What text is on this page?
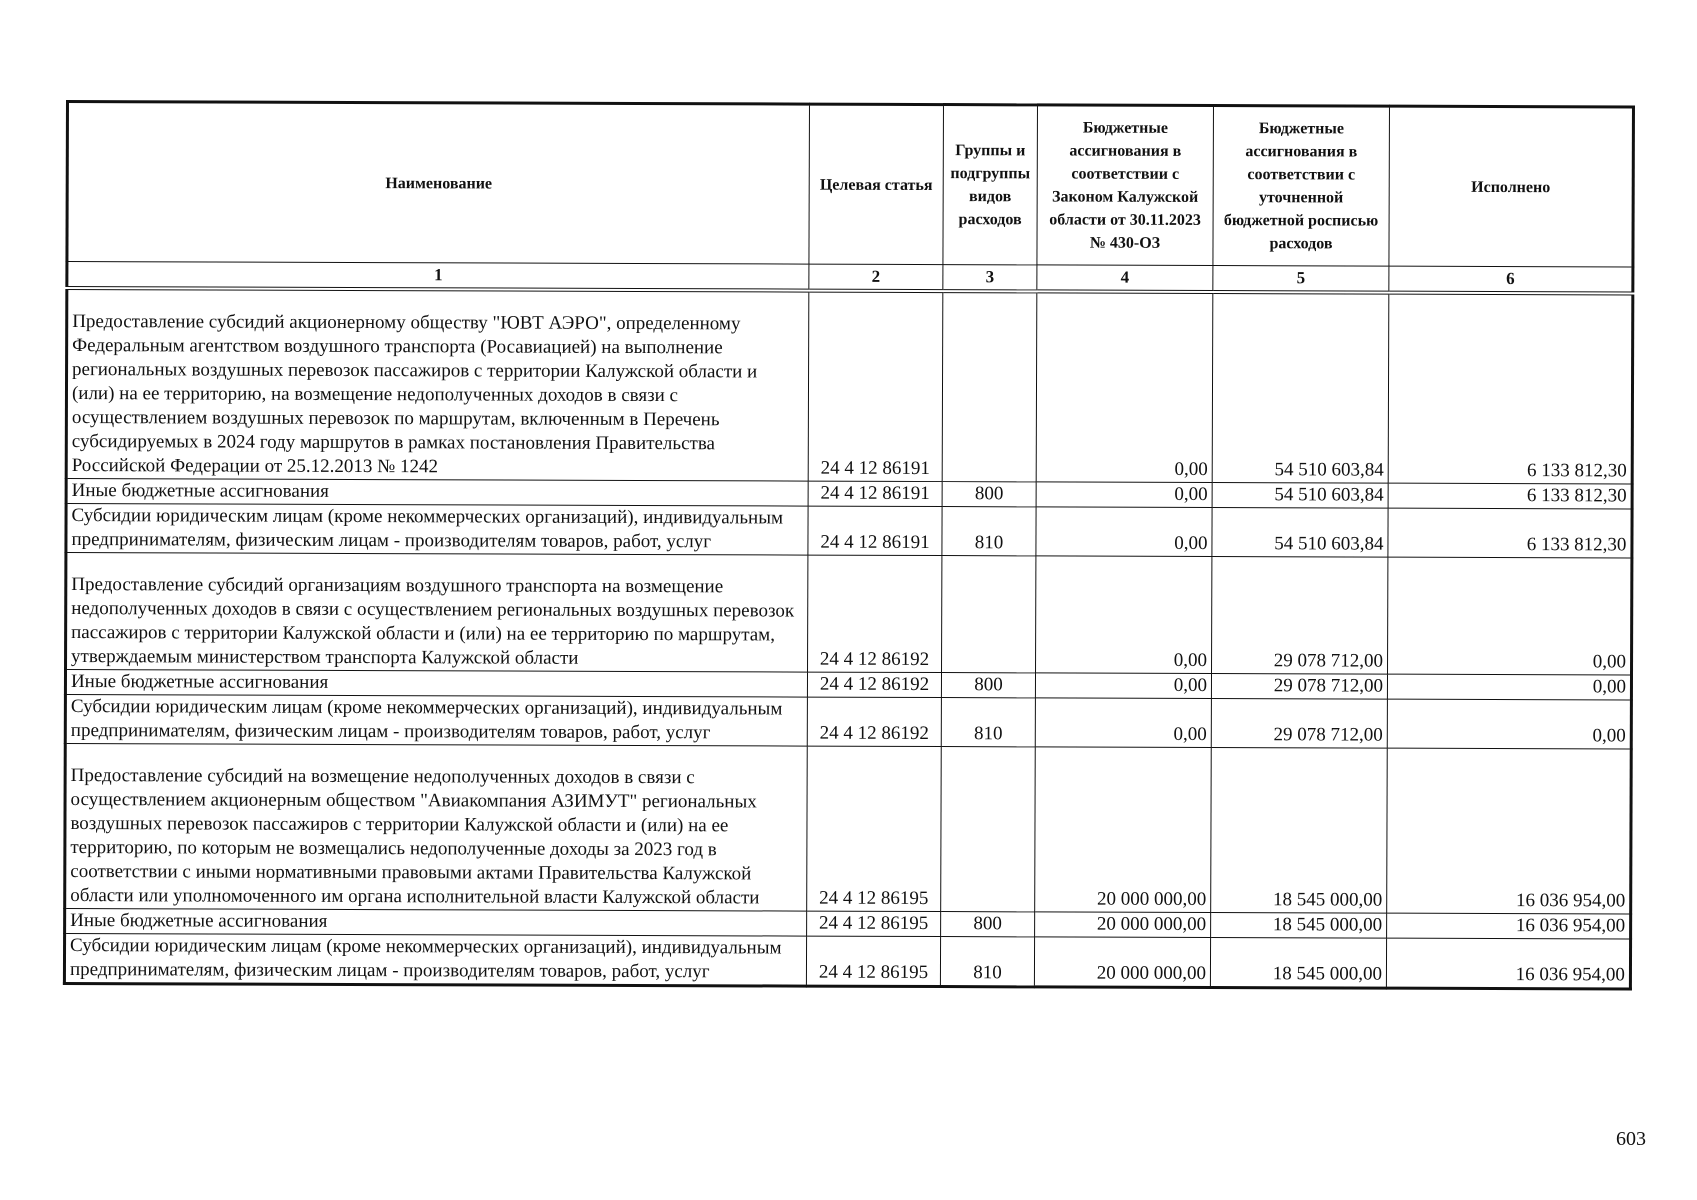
Наименование	Целевая статья	Группы и подгруппы видов расходов	Бюджетные ассигнования в соответствии с Законом Калужской области от 30.11.2023 № 430-ОЗ	Бюджетные ассигнования в соответствии с уточненной бюджетной росписью расходов	Исполнено
1	2	3	4	5	6
Предоставление субсидий акционерному обществу "ЮВТ АЭРО", определенному Федеральным агентством воздушного транспорта (Росавиацией) на выполнение региональных воздушных перевозок пассажиров с территории Калужской области и (или) на ее территорию, на возмещение недополученных доходов в связи с осуществлением воздушных перевозок по маршрутам, включенным в Перечень субсидируемых в 2024 году маршрутов в рамках постановления Правительства Российской Федерации от 25.12.2013 № 1242	24 4 12 86191		0,00	54 510 603,84	6 133 812,30
Иные бюджетные ассигнования	24 4 12 86191	800	0,00	54 510 603,84	6 133 812,30
Субсидии юридическим лицам (кроме некоммерческих организаций), индивидуальным предпринимателям, физическим лицам - производителям товаров, работ, услуг	24 4 12 86191	810	0,00	54 510 603,84	6 133 812,30
Предоставление субсидий организациям воздушного транспорта на возмещение недополученных доходов в связи с осуществлением региональных воздушных перевозок пассажиров с территории Калужской области и (или) на ее территорию по маршрутам, утверждаемым министерством транспорта Калужской области	24 4 12 86192		0,00	29 078 712,00	0,00
Иные бюджетные ассигнования	24 4 12 86192	800	0,00	29 078 712,00	0,00
Субсидии юридическим лицам (кроме некоммерческих организаций), индивидуальным предпринимателям, физическим лицам - производителям товаров, работ, услуг	24 4 12 86192	810	0,00	29 078 712,00	0,00
Предоставление субсидий на возмещение недополученных доходов в связи с осуществлением акционерным обществом "Авиакомпания АЗИМУТ" региональных воздушных перевозок пассажиров с территории Калужской области и (или) на ее территорию, по которым не возмещались недополученные доходы за 2023 год в соответствии с иными нормативными правовыми актами Правительства Калужской области или уполномоченного им органа исполнительной власти Калужской области	24 4 12 86195		20 000 000,00	18 545 000,00	16 036 954,00
Иные бюджетные ассигнования	24 4 12 86195	800	20 000 000,00	18 545 000,00	16 036 954,00
Субсидии юридическим лицам (кроме некоммерческих организаций), индивидуальным предпринимателям, физическим лицам - производителям товаров, работ, услуг	24 4 12 86195	810	20 000 000,00	18 545 000,00	16 036 954,00
603
